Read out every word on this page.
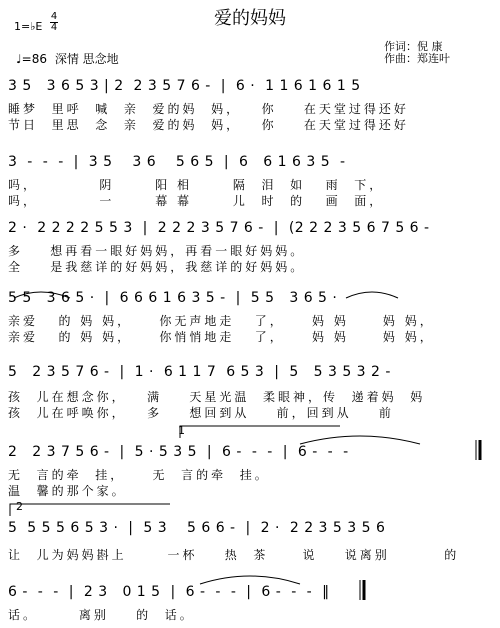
爱的妈妈
1=♭E
4
4
♩=86 深情 思念地
作词：倪 康
作曲：郑连叶
3 5   3 6 5 3 | 2  2 3 5 7 6 -  |  6 ·  1 1 6 1 6 1 5
睡梦  里呼  喊  亲  爱的妈  妈，   你    在天堂过得还好
节日  里思  念  亲  爱的妈  妈，   你    在天堂过得还好
3  -  -  -  |  3 5    3 6    5 6 5  |  6   6 1 6 3 5  -
吗，         阴      阳 相      隔  泪  如   雨  下，
吗，         一      幕 幕      儿  时  的   画  面，
2 ·  2 2 2 2 5 5 3  |  2 2 2 3 5 7 6 -  |  (2 2 2 3 5 6 7 5 6 -
多    想再看一眼好妈妈，再看一眼好妈妈。
全    是我慈详的好妈妈，我慈详的好妈妈。
5 5   3 6 5 ·  |  6 6 6 1 6 3 5 -  |  5 5   3 6 5 ·
亲爱   的 妈 妈，    你无声地走   了，    妈 妈     妈 妈，
亲爱   的 妈 妈，    你悄悄地走   了，    妈 妈     妈 妈，
5   2 3 5 7 6 -  |  1 ·  6 1 1 7  6 5 3  |  5   5 3 5 3 2 -
孩  儿在想念你，   满    天星光温  柔眼神，传  递着妈  妈
孩  儿在呼唤你，   多    想回到从    前，回到从    前
1
2   2 3 7 5 6 -  |  5 · 5 3 5  |  6 -  -  -  |  6 -  -  -
无  言的牵  挂，    无  言的牵  挂。
温  馨的那个家。
2
5  5 5 5 6 5 3 ·  |  5 3    5 6 6 -  |  2 ·  2 2 3 5 3 5 6
让  儿为妈妈斟上      一杯    热  茶     说    说离别        的
6 -  -  -  |  2 3   0 1 5  |  6 -  -  -  |  6 -  -  -  ‖
话。      离别    的  话。
